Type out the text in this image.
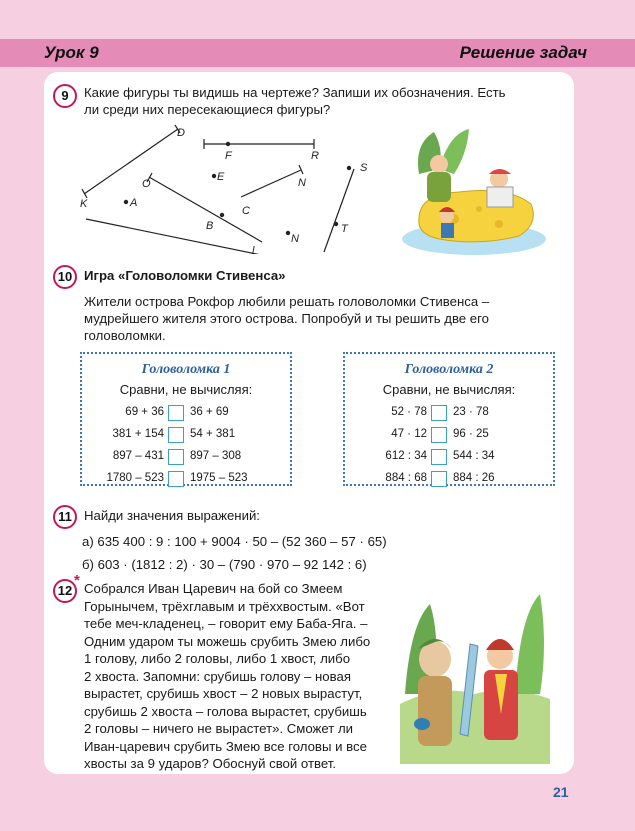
Урок 9	Решение задач
9	Какие фигуры ты видишь на чертеже? Запиши их обозначения. Есть
ли среди них пересекающиеся фигуры?
D
F	R
S
E	N
O
K	A
C
B	T
N
l
10 Игра «Головоломки Стивенса»
Жители острова Рокфор любили решать головоломки Стивенса –
мудрейшего жителя этого острова. Попробуй и ты решить две его
головоломки.
Головоломка 1
Сравни, не вычисляя:
69 + 36 36 + 69
381 + 154 54 + 381
897 – 431 897 – 308
1780 – 523 1975 – 523
Головоломка 2
Сравни, не вычисляя:
52 · 78 23 · 78
47 · 12 96 · 25
612 : 34 544 : 34
884 : 68 884 : 26
11 Найди значения выражений:
а) 635 400 : 9 : 100 + 9004 · 50 – (52 360 – 57 · 65)
б) 603 · (1812 : 2) · 30 – (790 · 970 – 92 142 : 6)
12
* Собрался Иван Царевич на бой со Змеем
Горынычем, трёхглавым и трёххвостым. «Вот
тебе меч-кладенец, – говорит ему Баба-Яга. –
Одним ударом ты можешь срубить Змею либо
1 голову, либо 2 головы, либо 1 хвост, либо
2 хвоста. Запомни: срубишь голову – новая
вырастет, срубишь хвост – 2 новых вырастут,
срубишь 2 хвоста – голова вырастет, срубишь
2 головы – ничего не вырастет». Сможет ли
Иван-царевич срубить Змею все головы и все
хвосты за 9 ударов? Обоснуй свой ответ.
21
